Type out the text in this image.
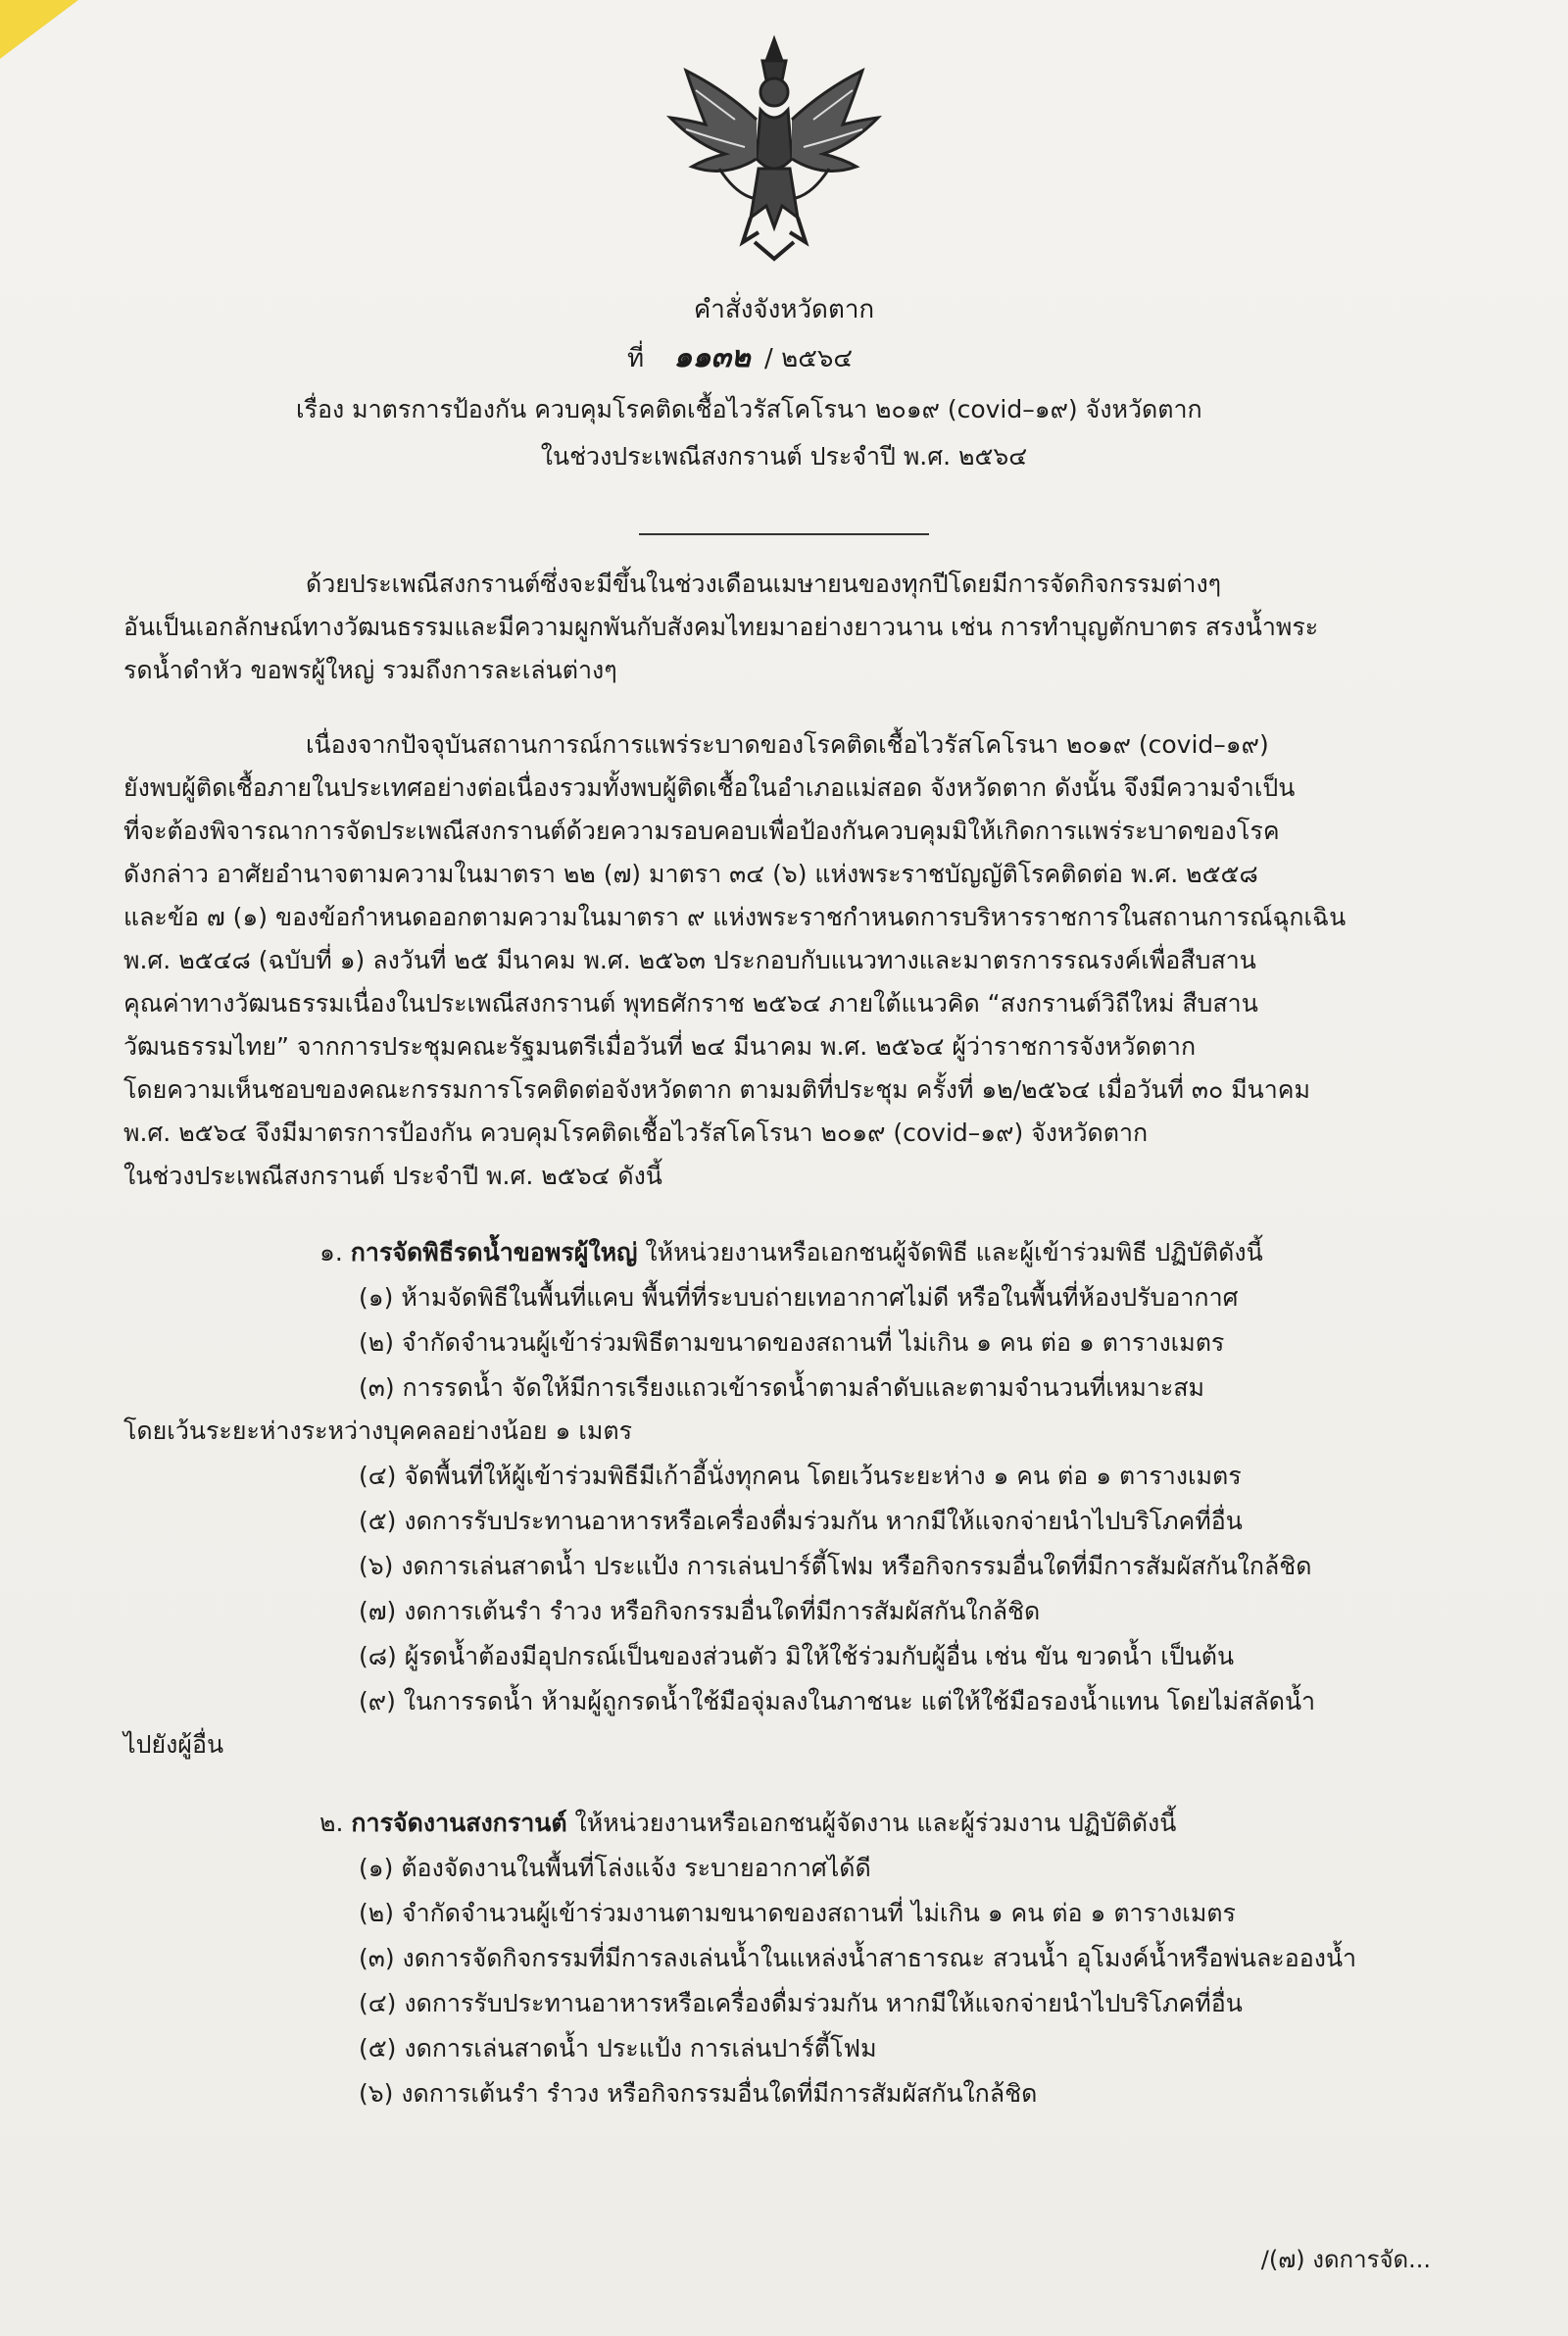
คำสั่งจังหวัดตาก
ที่ ๑๑๓๒ / ๒๕๖๔
เรื่อง มาตรการป้องกัน ควบคุมโรคติดเชื้อไวรัสโคโรนา ๒๐๑๙ (covid–๑๙) จังหวัดตาก
ในช่วงประเพณีสงกรานต์ ประจำปี พ.ศ. ๒๕๖๔
ด้วยประเพณีสงกรานต์ซึ่งจะมีขึ้นในช่วงเดือนเมษายนของทุกปีโดยมีการจัดกิจกรรมต่างๆ
อันเป็นเอกลักษณ์ทางวัฒนธรรมและมีความผูกพันกับสังคมไทยมาอย่างยาวนาน เช่น การทำบุญตักบาตร สรงน้ำพระ
รดน้ำดำหัว ขอพรผู้ใหญ่ รวมถึงการละเล่นต่างๆ
เนื่องจากปัจจุบันสถานการณ์การแพร่ระบาดของโรคติดเชื้อไวรัสโคโรนา ๒๐๑๙ (covid–๑๙)
ยังพบผู้ติดเชื้อภายในประเทศอย่างต่อเนื่องรวมทั้งพบผู้ติดเชื้อในอำเภอแม่สอด จังหวัดตาก ดังนั้น จึงมีความจำเป็น
ที่จะต้องพิจารณาการจัดประเพณีสงกรานต์ด้วยความรอบคอบเพื่อป้องกันควบคุมมิให้เกิดการแพร่ระบาดของโรค
ดังกล่าว อาศัยอำนาจตามความในมาตรา ๒๒ (๗) มาตรา ๓๔ (๖) แห่งพระราชบัญญัติโรคติดต่อ พ.ศ. ๒๕๕๘
และข้อ ๗ (๑) ของข้อกำหนดออกตามความในมาตรา ๙ แห่งพระราชกำหนดการบริหารราชการในสถานการณ์ฉุกเฉิน
พ.ศ. ๒๕๔๘ (ฉบับที่ ๑) ลงวันที่ ๒๕ มีนาคม พ.ศ. ๒๕๖๓ ประกอบกับแนวทางและมาตรการรณรงค์เพื่อสืบสาน
คุณค่าทางวัฒนธรรมเนื่องในประเพณีสงกรานต์ พุทธศักราช ๒๕๖๔ ภายใต้แนวคิด “สงกรานต์วิถีใหม่ สืบสาน
วัฒนธรรมไทย” จากการประชุมคณะรัฐมนตรีเมื่อวันที่ ๒๔ มีนาคม พ.ศ. ๒๕๖๔ ผู้ว่าราชการจังหวัดตาก
โดยความเห็นชอบของคณะกรรมการโรคติดต่อจังหวัดตาก ตามมติที่ประชุม ครั้งที่ ๑๒/๒๕๖๔ เมื่อวันที่ ๓๐ มีนาคม
พ.ศ. ๒๕๖๔ จึงมีมาตรการป้องกัน ควบคุมโรคติดเชื้อไวรัสโคโรนา ๒๐๑๙ (covid–๑๙) จังหวัดตาก
ในช่วงประเพณีสงกรานต์ ประจำปี พ.ศ. ๒๕๖๔ ดังนี้
๑. การจัดพิธีรดน้ำขอพรผู้ใหญ่ ให้หน่วยงานหรือเอกชนผู้จัดพิธี และผู้เข้าร่วมพิธี ปฏิบัติดังนี้
(๑) ห้ามจัดพิธีในพื้นที่แคบ พื้นที่ที่ระบบถ่ายเทอากาศไม่ดี หรือในพื้นที่ห้องปรับอากาศ
(๒) จำกัดจำนวนผู้เข้าร่วมพิธีตามขนาดของสถานที่ ไม่เกิน ๑ คน ต่อ ๑ ตารางเมตร
(๓) การรดน้ำ จัดให้มีการเรียงแถวเข้ารดน้ำตามลำดับและตามจำนวนที่เหมาะสม
โดยเว้นระยะห่างระหว่างบุคคลอย่างน้อย ๑ เมตร
(๔) จัดพื้นที่ให้ผู้เข้าร่วมพิธีมีเก้าอี้นั่งทุกคน โดยเว้นระยะห่าง ๑ คน ต่อ ๑ ตารางเมตร
(๕) งดการรับประทานอาหารหรือเครื่องดื่มร่วมกัน หากมีให้แจกจ่ายนำไปบริโภคที่อื่น
(๖) งดการเล่นสาดน้ำ ประแป้ง การเล่นปาร์ตี้โฟม หรือกิจกรรมอื่นใดที่มีการสัมผัสกันใกล้ชิด
(๗) งดการเต้นรำ รำวง หรือกิจกรรมอื่นใดที่มีการสัมผัสกันใกล้ชิด
(๘) ผู้รดน้ำต้องมีอุปกรณ์เป็นของส่วนตัว มิให้ใช้ร่วมกับผู้อื่น เช่น ขัน ขวดน้ำ เป็นต้น
(๙) ในการรดน้ำ ห้ามผู้ถูกรดน้ำใช้มือจุ่มลงในภาชนะ แต่ให้ใช้มือรองน้ำแทน โดยไม่สลัดน้ำ
ไปยังผู้อื่น
๒. การจัดงานสงกรานต์ ให้หน่วยงานหรือเอกชนผู้จัดงาน และผู้ร่วมงาน ปฏิบัติดังนี้
(๑) ต้องจัดงานในพื้นที่โล่งแจ้ง ระบายอากาศได้ดี
(๒) จำกัดจำนวนผู้เข้าร่วมงานตามขนาดของสถานที่ ไม่เกิน ๑ คน ต่อ ๑ ตารางเมตร
(๓) งดการจัดกิจกรรมที่มีการลงเล่นน้ำในแหล่งน้ำสาธารณะ สวนน้ำ อุโมงค์น้ำหรือพ่นละอองน้ำ
(๔) งดการรับประทานอาหารหรือเครื่องดื่มร่วมกัน หากมีให้แจกจ่ายนำไปบริโภคที่อื่น
(๕) งดการเล่นสาดน้ำ ประแป้ง การเล่นปาร์ตี้โฟม
(๖) งดการเต้นรำ รำวง หรือกิจกรรมอื่นใดที่มีการสัมผัสกันใกล้ชิด
/(๗) งดการจัด...
